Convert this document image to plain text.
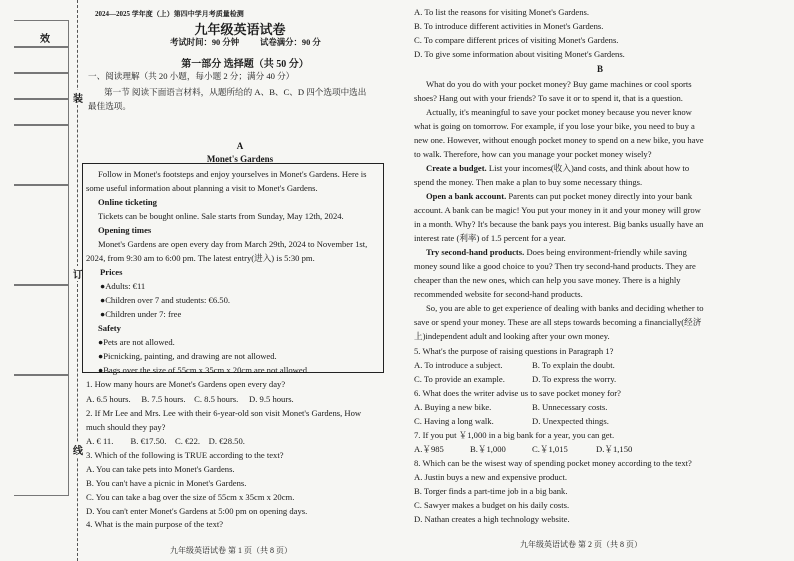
效
装
订
线
2024—2025 学年度（上）第四中学月考质量检测
九年级英语试卷
考试时间：90 分钟          试卷满分：90 分
第一部分 选择题（共 50 分）
一、阅读理解（共 20 小题，每小题 2 分；满分 40 分）
第一节 阅读下面语言材料，从题所给的 A、B、C、D 四个选项中选出
最佳选项。
A
Monet's Gardens
Follow in Monet's footsteps and enjoy yourselves in Monet's Gardens. Here is
some useful information about planning a visit to Monet's Gardens.
Online ticketing
Tickets can be bought online. Sale starts from Sunday, May 12th, 2024.
Opening times
Monet's Gardens are open every day from March 29th, 2024 to November 1st,
2024, from 9:30 am to 6:00 pm. The latest entry(进入) is 5:30 pm.
Prices
●Adults: €11
●Children over 7 and students: €6.50.
●Children under 7: free
Safety
●Pets are not allowed.
●Picnicking, painting, and drawing are not allowed.
●Bags over the size of 55cm x 35cm x 20cm are not allowed.
1. How many hours are Monet's Gardens open every day?
A. 6.5 hours.     B. 7.5 hours.    C. 8.5 hours.     D. 9.5 hours.
2. If Mr Lee and Mrs. Lee with their 6-year-old son visit Monet's Gardens, How
much should they pay?
A. € 11.        B. €17.50.    C. €22.    D. €28.50.
3. Which of the following is TRUE according to the text?
A. You can take pets into Monet's Gardens.
B. You can't have a picnic in Monet's Gardens.
C. You can take a bag over the size of 55cm x 35cm x 20cm.
D. You can't enter Monet's Gardens at 5:00 pm on opening days.
4. What is the main purpose of the text?
九年级英语试卷 第 1 页（共 8 页）
A. To list the reasons for visiting Monet's Gardens.
B. To introduce different activities in Monet's Gardens.
C. To compare different prices of visiting Monet's Gardens.
D. To give some information about visiting Monet's Gardens.
B
What do you do with your pocket money? Buy game machines or cool sports
shoes? Hang out with your friends? To save it or to spend it, that is a question.
Actually, it's meaningful to save your pocket money because you never know
what is going on tomorrow. For example, if you lose your bike, you need to buy a
new one. However, without enough pocket money to spend on a new bike, you have
to walk. Therefore, how can you manage your pocket money wisely?
Create a budget. List your incomes(收入)and costs, and think about how to
spend the money. Then make a plan to buy some necessary things.
Open a bank account. Parents can put pocket money directly into your bank
account. A bank can be magic! You put your money in it and your money will grow
in a month. Why? It's because the bank pays you interest. Big banks usually have an
interest rate (利率) of 1.5 percent for a year.
Try second-hand products. Does being environment-friendly while saving
money sound like a good choice to you? Then try second-hand products. They are
cheaper than the new ones, which can help you save money. There is a highly
recommended website for second-hand products.
So, you are able to get experience of dealing with banks and deciding whether to
save or spend your money. These are all steps towards becoming a financially(经济
上)independent adult and looking after your own money.
5. What's the purpose of raising questions in Paragraph 1?
A. To introduce a subject.	B. To explain the doubt.
C. To provide an example.	D. To express the worry.
6. What does the writer advise us to save pocket money for?
A. Buying a new bike.	B. Unnecessary costs.
C. Having a long walk.	D. Unexpected things.
7. If you put ￥1,000 in a big bank for a year, you can get.
A.￥985	B.￥1,000	C.￥1,015	D.￥1,150
8. Which can be the wisest way of spending pocket money according to the text?
A. Justin buys a new and expensive product.
B. Torger finds a part-time job in a big bank.
C. Sawyer makes a budget on his daily costs.
D. Nathan creates a high technology website.
九年级英语试卷 第 2 页（共 8 页）
